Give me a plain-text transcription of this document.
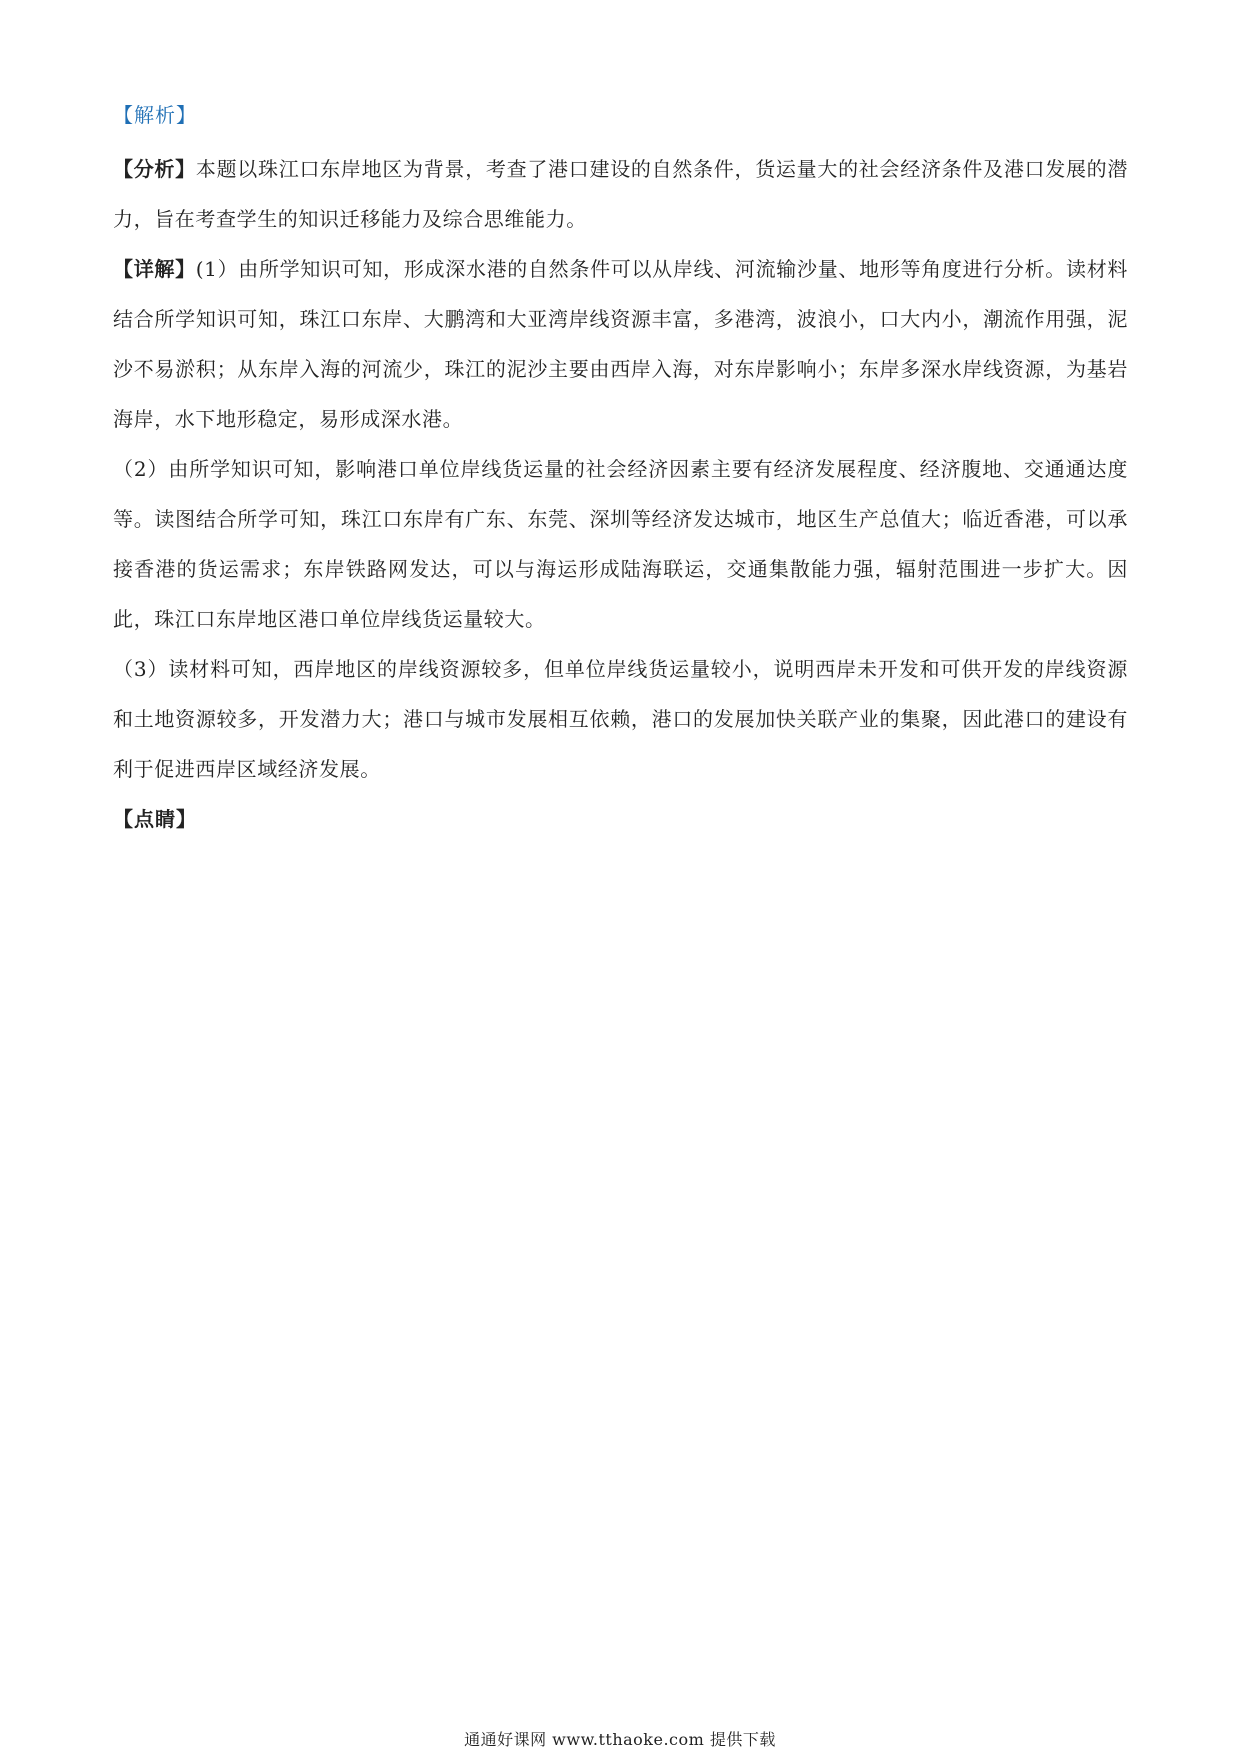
【解析】

【分析】本题以珠江口东岸地区为背景，考查了港口建设的自然条件，货运量大的社会经济条件及港口发展的潜力，旨在考查学生的知识迁移能力及综合思维能力。

【详解】(1）由所学知识可知，形成深水港的自然条件可以从岸线、河流输沙量、地形等角度进行分析。读材料结合所学知识可知，珠江口东岸、大鹏湾和大亚湾岸线资源丰富，多港湾，波浪小，口大内小，潮流作用强，泥沙不易淤积；从东岸入海的河流少，珠江的泥沙主要由西岸入海，对东岸影响小；东岸多深水岸线资源，为基岩海岸，水下地形稳定，易形成深水港。

（2）由所学知识可知，影响港口单位岸线货运量的社会经济因素主要有经济发展程度、经济腹地、交通通达度等。读图结合所学可知，珠江口东岸有广东、东莞、深圳等经济发达城市，地区生产总值大；临近香港，可以承接香港的货运需求；东岸铁路网发达，可以与海运形成陆海联运，交通集散能力强，辐射范围进一步扩大。因此，珠江口东岸地区港口单位岸线货运量较大。

（3）读材料可知，西岸地区的岸线资源较多，但单位岸线货运量较小，说明西岸未开发和可供开发的岸线资源和土地资源较多，开发潜力大；港口与城市发展相互依赖，港口的发展加快关联产业的集聚，因此港口的建设有利于促进西岸区域经济发展。

【点睛】

通通好课网 www.tthaoke.com 提供下载
